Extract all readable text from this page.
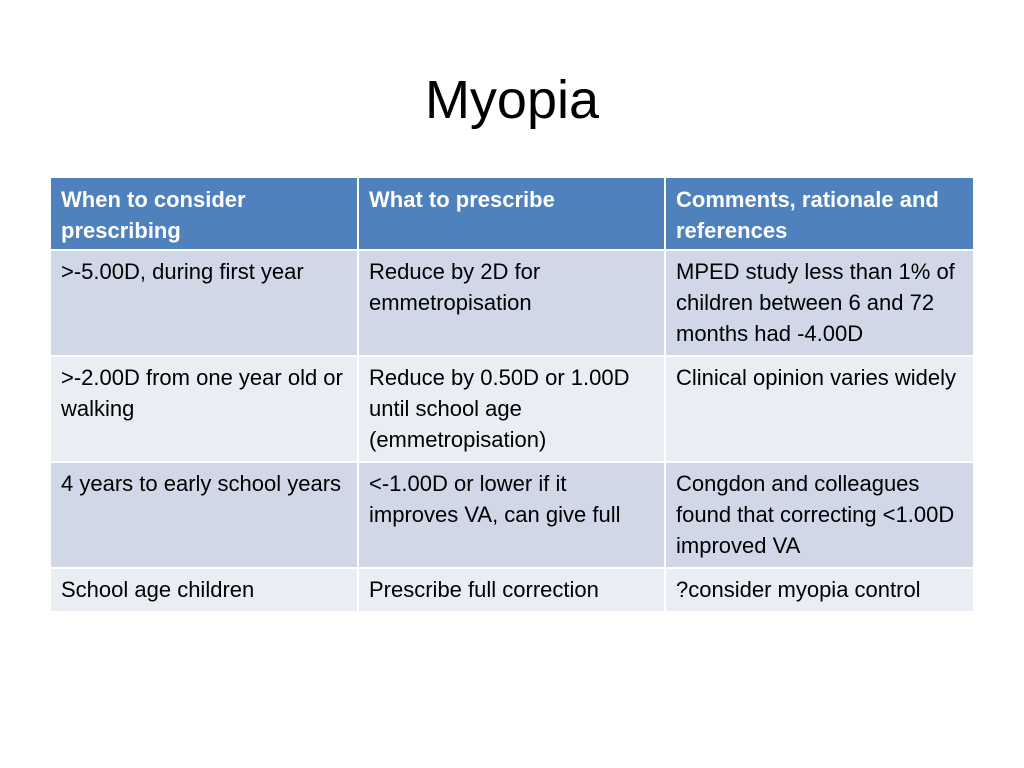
Myopia
When to consider prescribing	What to prescribe	Comments, rationale and references
>-5.00D, during first year	Reduce by 2D for emmetropisation	MPED study less than 1% of children between 6 and 72 months had -4.00D
>-2.00D from one year old or walking	Reduce by 0.50D or 1.00D until school age (emmetropisation)	Clinical opinion varies widely
4 years to early school years	<-1.00D or lower if it improves VA, can give full	Congdon and colleagues found that correcting <1.00D improved VA
School age children	Prescribe full correction	?consider myopia control
